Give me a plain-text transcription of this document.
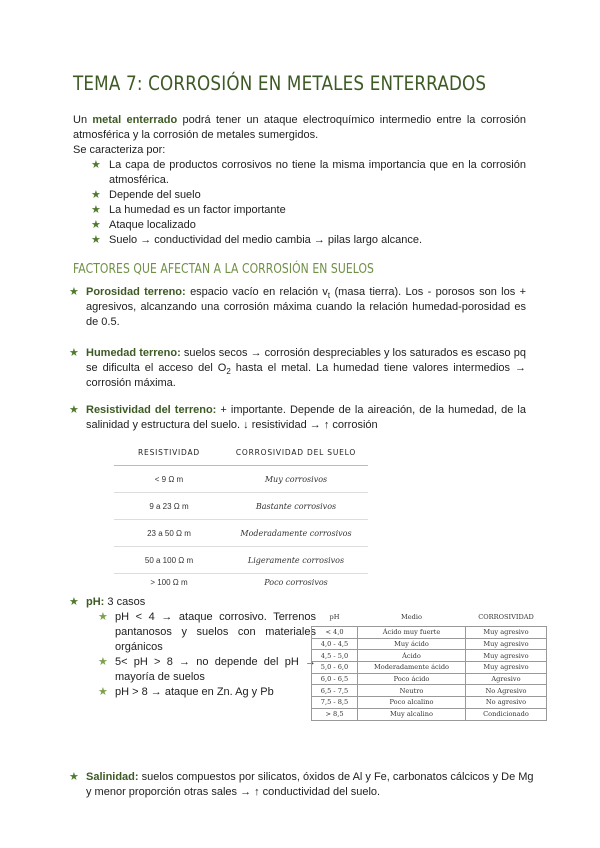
TEMA 7: CORROSIÓN EN METALES ENTERRADOS

Un metal enterrado podrá tener un ataque electroquímico intermedio entre la corrosión atmosférica y la corrosión de metales sumergidos.

Se caracteriza por:

★ La capa de productos corrosivos no tiene la misma importancia que en la corrosión atmosférica.
★ Depende del suelo
★ La humedad es un factor importante
★ Ataque localizado
★ Suelo → conductividad del medio cambia → pilas largo alcance.
FACTORES QUE AFECTAN A LA CORROSIÓN EN SUELOS
★ Porosidad terreno: espacio vacío en relación $v_t$ (masa tierra). Los - porosos son los + agresivos, alcanzando una corrosión máxima cuando la relación humedad-porosidad es de 0.5.

★ Humedad terreno: suelos secos → corrosión despreciables y los saturados es escaso pq se dificulta el acceso del $O_2$ hasta el metal. La humedad tiene valores intermedios → corrosión máxima.

★ Resistividad del terreno: + importante. Depende de la aireación, de la humedad, de la salinidad y estructura del suelo. ↓ resistividad → ↑ corrosión

RESISTIVIDAD	CORROSIVIDAD DEL SUELO
< 9 Ω m	Muy corrosivos
9 a 23 Ω m	Bastante corrosivos
23 a 50 Ω m	Moderadamente corrosivos
50 a 100 Ω m	Ligeramente corrosivos
> 100 Ω m	Poco corrosivos
★ pH: 3 casos

★ pH < 4 → ataque corrosivo. Terrenos pantanosos y suelos con materiales orgánicos
★ 5< pH > 8 → no depende del pH → mayoría de suelos
★ pH > 8 → ataque en Zn. Ag y Pb
pH	Medio	CORROSIVIDAD
< 4,0	Ácido muy fuerte	Muy agresivo
4,0 - 4,5	Muy ácido	Muy agresivo
4,5 - 5,0	Ácido	Muy agresivo
5,0 - 6,0	Moderadamente ácido	Muy agresivo
6,0 - 6,5	Poco ácido	Agresivo
6,5 - 7,5	Neutro	No Agresivo
7,5 - 8,5	Poco alcalino	No agresivo
> 8,5	Muy alcalino	Condicionado
★ Salinidad: suelos compuestos por silicatos, óxidos de Al y Fe, carbonatos cálcicos y De Mg y menor proporción otras sales → ↑ conductividad del suelo.
